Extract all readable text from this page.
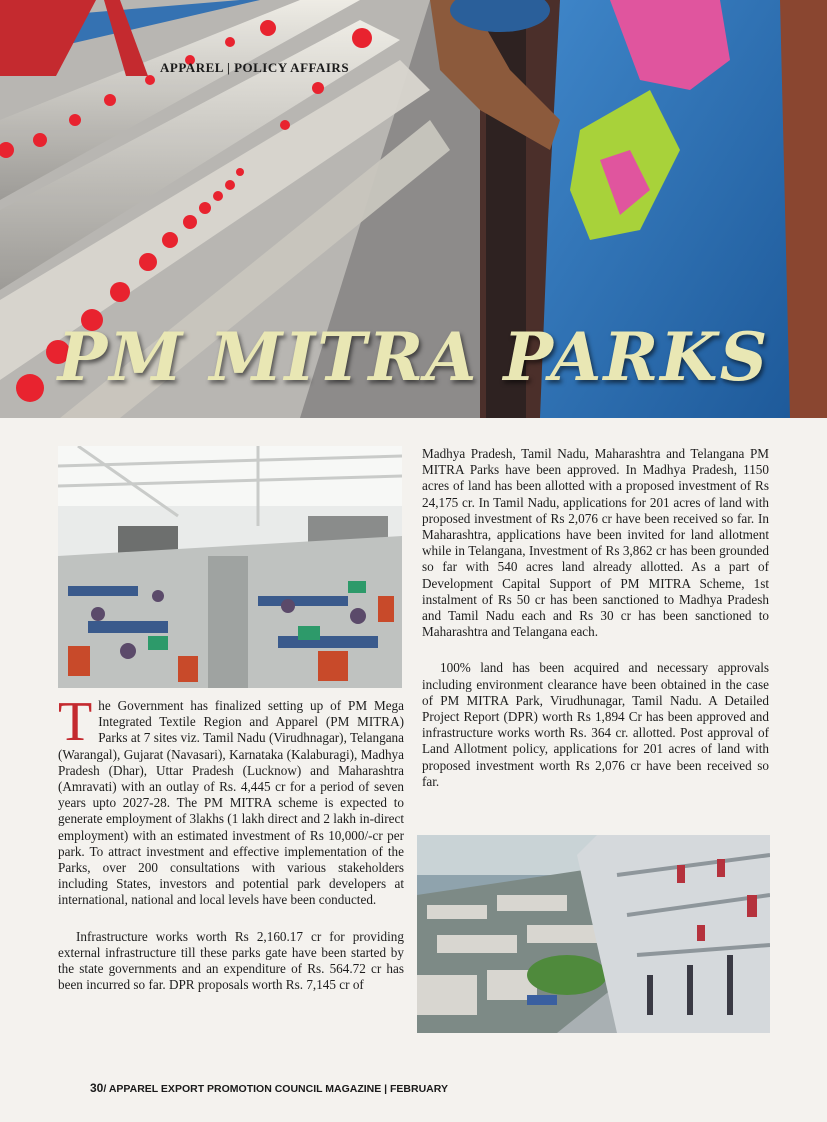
APPAREL | POLICY AFFAIRS
PM MITRA PARKS

The Government has finalized setting up of PM Mega Integrated Textile Region and Apparel (PM MITRA) Parks at 7 sites viz. Tamil Nadu (Virudhnagar), Telangana (Warangal), Gujarat (Navasari), Karnataka (Kalaburagi), Madhya Pradesh (Dhar), Uttar Pradesh (Lucknow) and Maharashtra (Amravati) with an outlay of Rs. 4,445 cr for a period of seven years upto 2027-28. The PM MITRA scheme is expected to generate employment of 3lakhs (1 lakh direct and 2 lakh in-direct employment) with an estimated investment of Rs 10,000/-cr per park. To attract investment and effective implementation of the Parks, over 200 consultations with various stakeholders including States, investors and potential park developers at international, national and local levels have been conducted.

Infrastructure works worth Rs 2,160.17 cr for providing external infrastructure till these parks gate have been started by the state governments and an expenditure of Rs. 564.72 cr has been incurred so far. DPR proposals worth Rs. 7,145 cr of

Madhya Pradesh, Tamil Nadu, Maharashtra and Telangana PM MITRA Parks have been approved. In Madhya Pradesh, 1150 acres of land has been allotted with a proposed investment of Rs 24,175 cr. In Tamil Nadu, applications for 201 acres of land with proposed investment of Rs 2,076 cr have been received so far. In Maharashtra, applications have been invited for land allotment while in Telangana, Investment of Rs 3,862 cr has been grounded so far with 540 acres land already allotted. As a part of Development Capital Support of PM MITRA Scheme, 1st instalment of Rs 50 cr has been sanctioned to Madhya Pradesh and Tamil Nadu each and Rs 30 cr has been sanctioned to Maharashtra and Telangana each.

100% land has been acquired and necessary approvals including environment clearance have been obtained in the case of PM MITRA Park, Virudhunagar, Tamil Nadu. A Detailed Project Report (DPR) worth Rs 1,894 Cr has been approved and infrastructure works worth Rs. 364 cr. allotted. Post approval of Land Allotment policy, applications for 201 acres of land with proposed investment worth Rs 2,076 cr have been received so far.

30/ APPAREL EXPORT PROMOTION COUNCIL MAGAZINE | FEBRUARY
